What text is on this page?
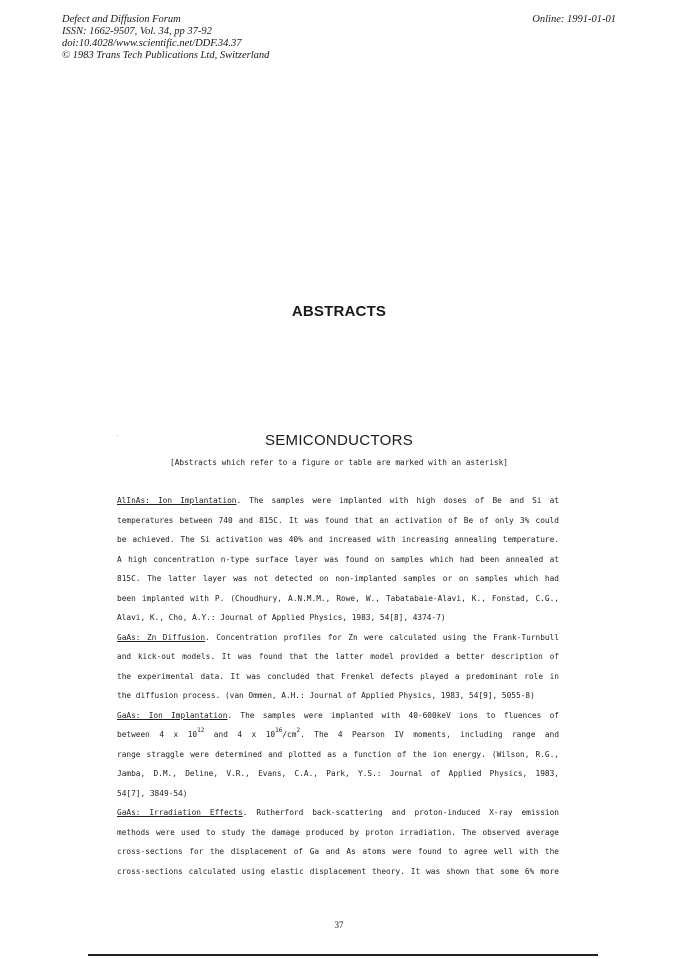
Defect and Diffusion Forum
ISSN: 1662-9507, Vol. 34, pp 37-92
doi:10.4028/www.scientific.net/DDF.34.37
© 1983 Trans Tech Publications Ltd, Switzerland
Online: 1991-01-01
ABSTRACTS
SEMICONDUCTORS
[Abstracts which refer to a figure or table are marked with an asterisk]
AlInAs: Ion Implantation. The samples were implanted with high doses of Be and Si at
temperatures between 740 and 815C. It was found that an activation of Be of only 3% could
be achieved. The Si activation was 40% and increased with increasing annealing temperature.
A high concentration n-type surface layer was found on samples which had been annealed at
815C. The latter layer was not detected on non-implanted samples or on samples which had
been implanted with P. (Choudhury, A.N.M.M., Rowe, W., Tabatabaie-Alavi, K., Fonstad, C.G.,
Alavi, K., Cho, A.Y.: Journal of Applied Physics, 1983, 54[8], 4374-7)
GaAs: Zn Diffusion. Concentration profiles for Zn were calculated using the Frank-Turnbull
and kick-out models. It was found that the latter model provided a better description of
the experimental data. It was concluded that Frenkel defects played a predominant role in
the diffusion process. (van Ommen, A.H.: Journal of Applied Physics, 1983, 54[9], 5055-8)
GaAs: Ion Implantation. The samples were implanted with 40-600keV ions to fluences of
between 4 x $10^{12}$ and 4 x $10^{16}/cm^2$. The 4 Pearson IV moments, including range and
range straggle were determined and plotted as a function of the ion energy. (Wilson, R.G.,
Jamba, D.M., Deline, V.R., Evans, C.A., Park, Y.S.: Journal of Applied Physics, 1983,
54[7], 3849-54)
GaAs: Irradiation Effects. Rutherford back-scattering and proton-induced X-ray emission
methods were used to study the damage produced by proton irradiation. The observed average
cross-sections for the displacement of Ga and As atoms were found to agree well with the
cross-sections calculated using elastic displacement theory. It was shown that some 6% more
37
